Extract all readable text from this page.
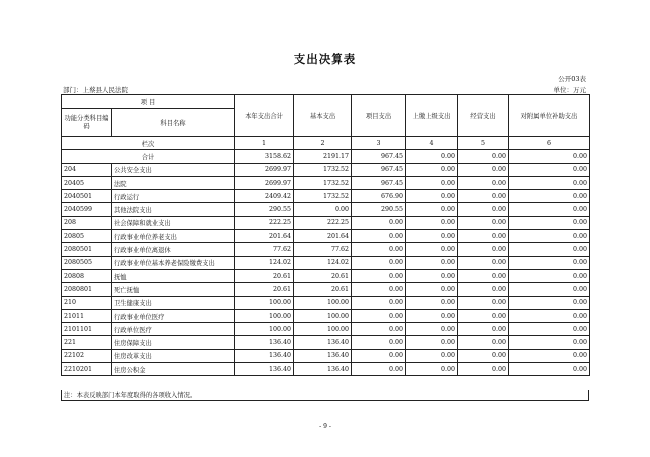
支出决算表
公开03表
部门：上蔡县人民法院	单位：万元
项 目		本年支出合计	基本支出	项目支出	上缴上级支出	经营支出	对附属单位补助支出
功能分类科目编码	科目名称						
栏次		1	2	3	4	5	6
合计		3158.62	2191.17	967.45	0.00	0.00	0.00
204	公共安全支出	2699.97	1732.52	967.45	0.00	0.00	0.00
20405	法院	2699.97	1732.52	967.45	0.00	0.00	0.00
2040501	行政运行	2409.42	1732.52	676.90	0.00	0.00	0.00
2040599	其他法院支出	290.55	0.00	290.55	0.00	0.00	0.00
208	社会保障和就业支出	222.25	222.25	0.00	0.00	0.00	0.00
20805	行政事业单位养老支出	201.64	201.64	0.00	0.00	0.00	0.00
2080501	行政事业单位离退休	77.62	77.62	0.00	0.00	0.00	0.00
2080505	行政事业单位基本养老保险缴费支出	124.02	124.02	0.00	0.00	0.00	0.00
20808	抚恤	20.61	20.61	0.00	0.00	0.00	0.00
2080801	死亡抚恤	20.61	20.61	0.00	0.00	0.00	0.00
210	卫生健康支出	100.00	100.00	0.00	0.00	0.00	0.00
21011	行政事业单位医疗	100.00	100.00	0.00	0.00	0.00	0.00
2101101	行政单位医疗	100.00	100.00	0.00	0.00	0.00	0.00
221	住房保障支出	136.40	136.40	0.00	0.00	0.00	0.00
22102	住房改革支出	136.40	136.40	0.00	0.00	0.00	0.00
2210201	住房公积金	136.40	136.40	0.00	0.00	0.00	0.00
注：本表反映部门本年度取得的各项收入情况。
- 9 -
